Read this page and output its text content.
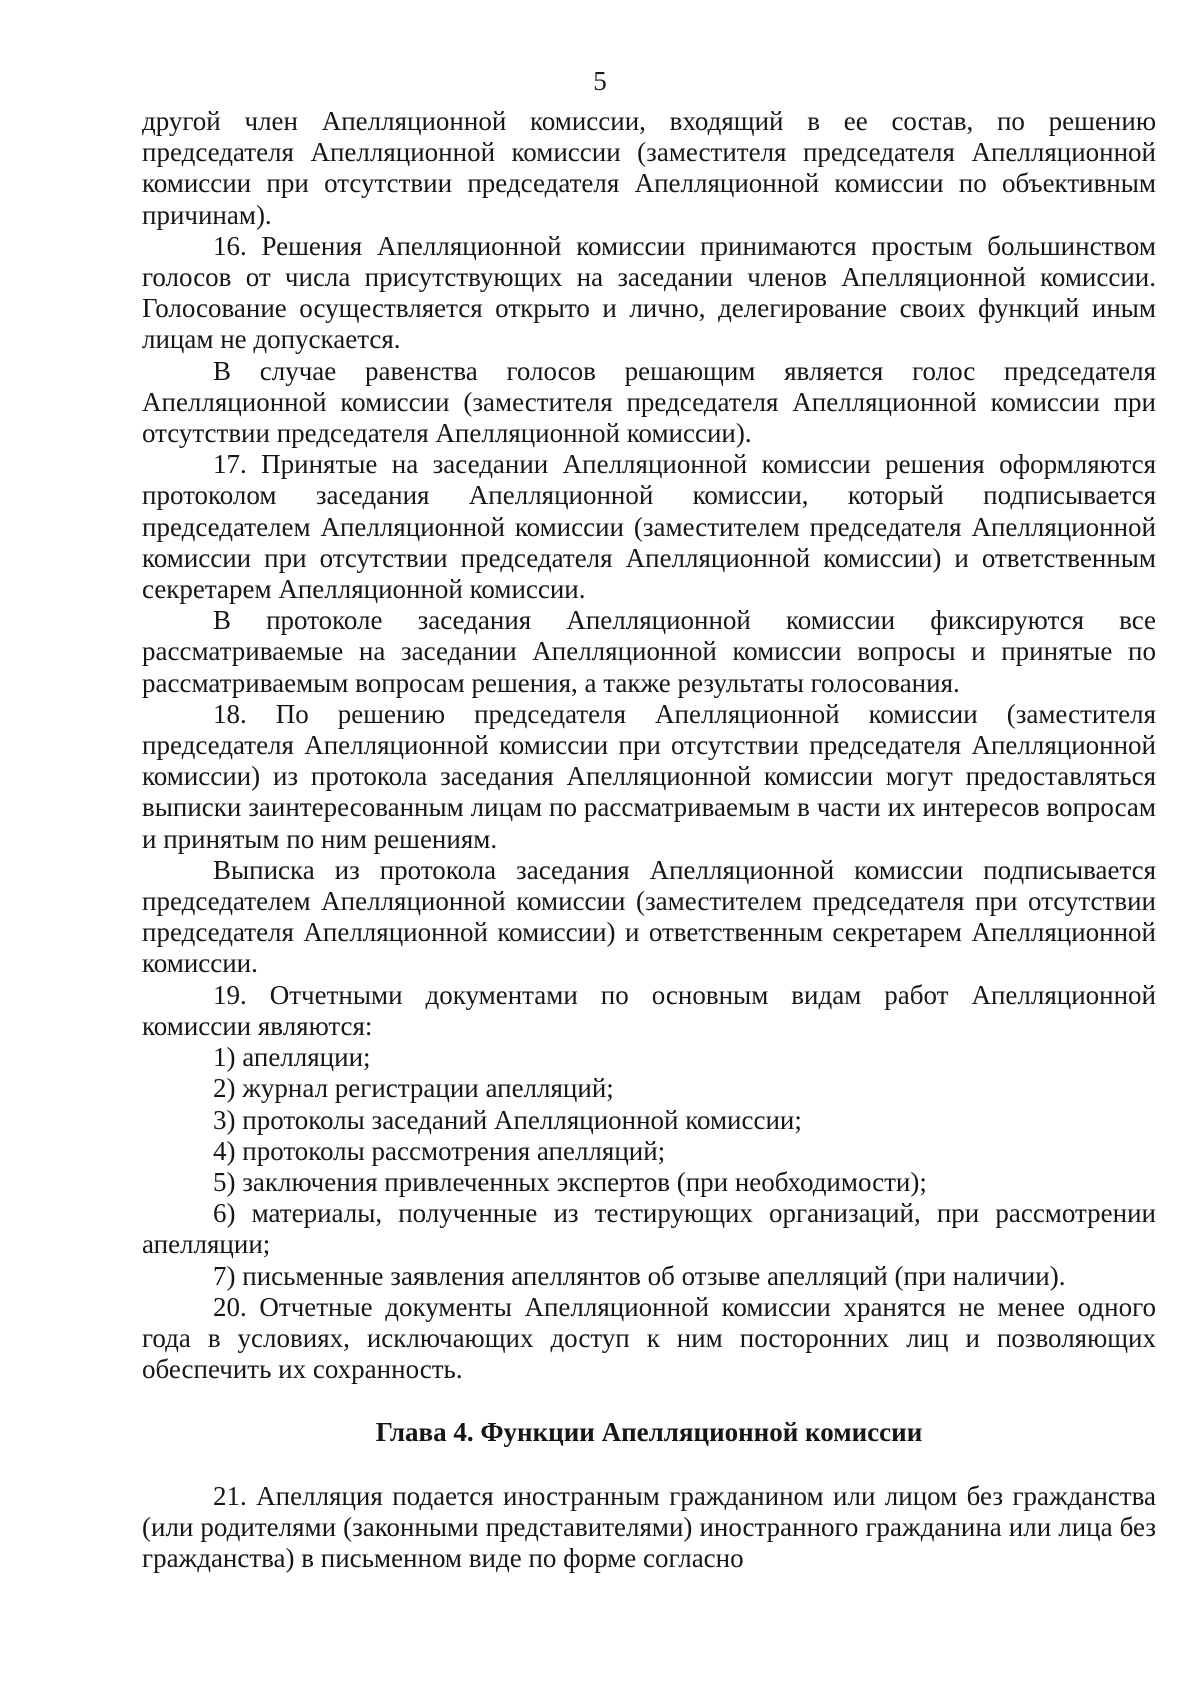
5

другой член Апелляционной комиссии, входящий в ее состав, по решению председателя Апелляционной комиссии (заместителя председателя Апелляционной комиссии при отсутствии председателя Апелляционной комиссии по объективным причинам).

16. Решения Апелляционной комиссии принимаются простым большинством голосов от числа присутствующих на заседании членов Апелляционной комиссии. Голосование осуществляется открыто и лично, делегирование своих функций иным лицам не допускается.

В случае равенства голосов решающим является голос председателя Апелляционной комиссии (заместителя председателя Апелляционной комиссии при отсутствии председателя Апелляционной комиссии).

17. Принятые на заседании Апелляционной комиссии решения оформляются протоколом заседания Апелляционной комиссии, который подписывается председателем Апелляционной комиссии (заместителем председателя Апелляционной комиссии при отсутствии председателя Апелляционной комиссии) и ответственным секретарем Апелляционной комиссии.

В протоколе заседания Апелляционной комиссии фиксируются все рассматриваемые на заседании Апелляционной комиссии вопросы и принятые по рассматриваемым вопросам решения, а также результаты голосования.

18. По решению председателя Апелляционной комиссии (заместителя председателя Апелляционной комиссии при отсутствии председателя Апелляционной комиссии) из протокола заседания Апелляционной комиссии могут предоставляться выписки заинтересованным лицам по рассматриваемым в части их интересов вопросам и принятым по ним решениям.

Выписка из протокола заседания Апелляционной комиссии подписывается председателем Апелляционной комиссии (заместителем председателя при отсутствии председателя Апелляционной комиссии) и ответственным секретарем Апелляционной комиссии.

19. Отчетными документами по основным видам работ Апелляционной комиссии являются:

1) апелляции;

2) журнал регистрации апелляций;

3) протоколы заседаний Апелляционной комиссии;

4) протоколы рассмотрения апелляций;

5) заключения привлеченных экспертов (при необходимости);

6) материалы, полученные из тестирующих организаций, при рассмотрении апелляции;

7) письменные заявления апеллянтов об отзыве апелляций (при наличии).

20. Отчетные документы Апелляционной комиссии хранятся не менее одного года в условиях, исключающих доступ к ним посторонних лиц и позволяющих обеспечить их сохранность.

Глава 4. Функции Апелляционной комиссии

21. Апелляция подается иностранным гражданином или лицом без гражданства (или родителями (законными представителями) иностранного гражданина или лица без гражданства) в письменном виде по форме согласно
